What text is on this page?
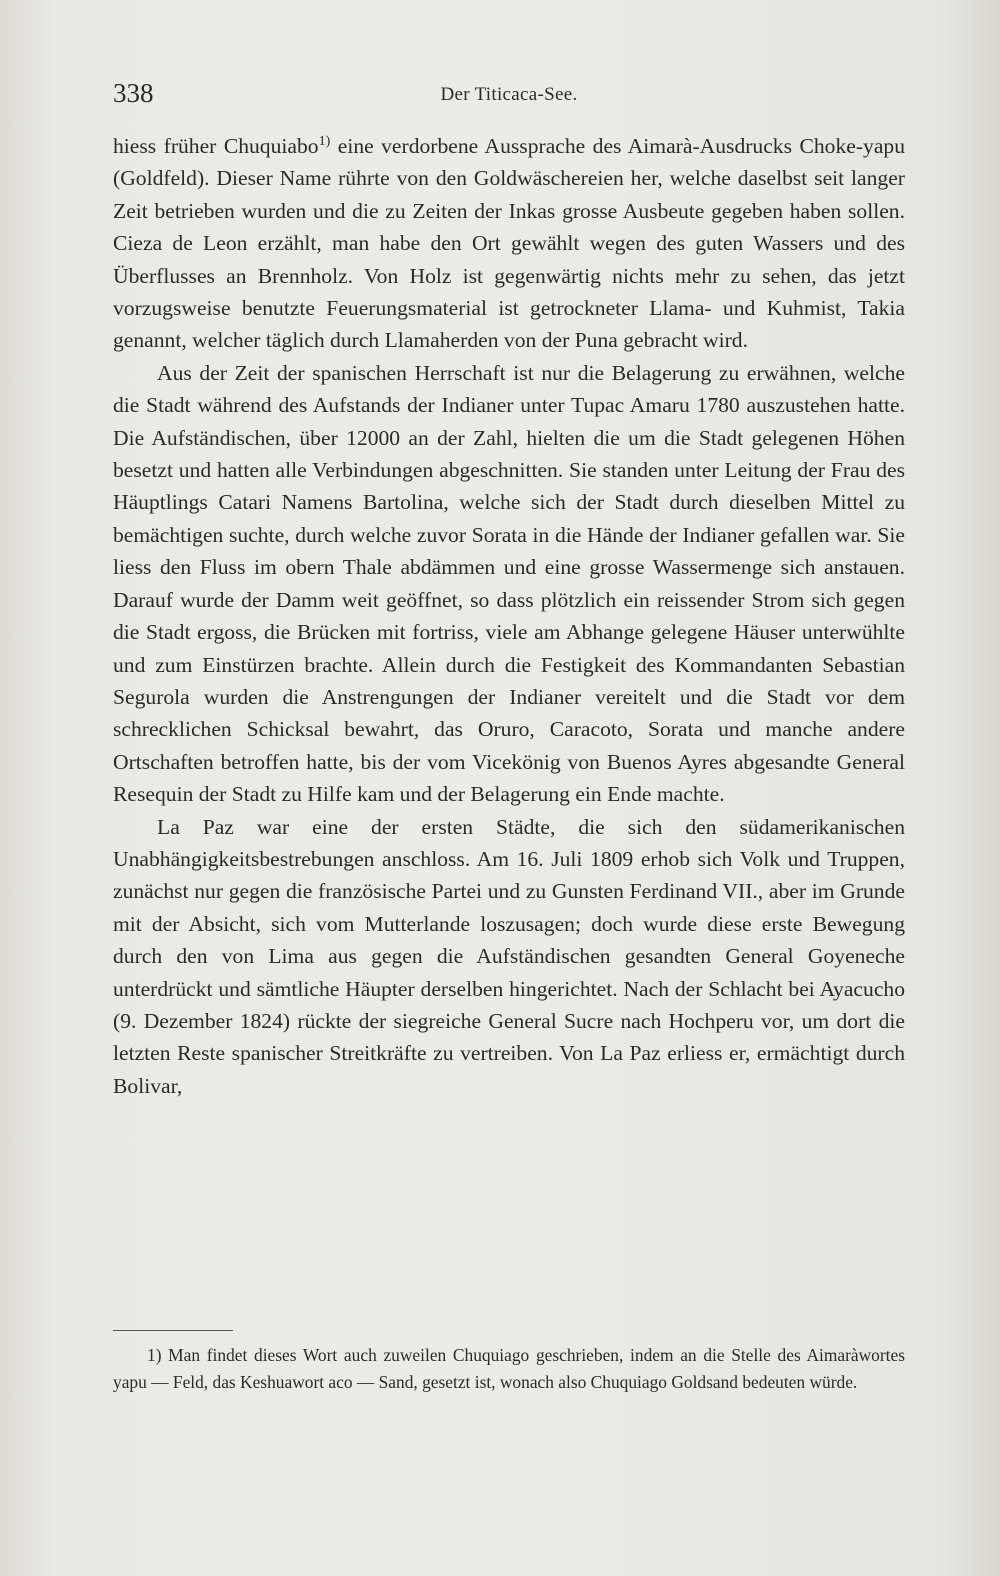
338	Der Titicaca-See.

hiess früher Chuquiabo$^{1)}$ eine verdorbene Aussprache des Aimarà-Ausdrucks Choke-yapu (Goldfeld). Dieser Name rührte von den Goldwäschereien her, welche daselbst seit langer Zeit betrieben wurden und die zu Zeiten der Inkas grosse Ausbeute gegeben haben sollen. Cieza de Leon erzählt, man habe den Ort gewählt wegen des guten Wassers und des Überflusses an Brennholz. Von Holz ist gegenwärtig nichts mehr zu sehen, das jetzt vorzugsweise benutzte Feuerungsmaterial ist getrockneter Llama- und Kuhmist, Takia genannt, welcher täglich durch Llamaherden von der Puna gebracht wird.

Aus der Zeit der spanischen Herrschaft ist nur die Belagerung zu erwähnen, welche die Stadt während des Aufstands der Indianer unter Tupac Amaru 1780 auszustehen hatte. Die Aufständischen, über 12000 an der Zahl, hielten die um die Stadt gelegenen Höhen besetzt und hatten alle Verbindungen abgeschnitten. Sie standen unter Leitung der Frau des Häuptlings Catari Namens Bartolina, welche sich der Stadt durch dieselben Mittel zu bemächtigen suchte, durch welche zuvor Sorata in die Hände der Indianer gefallen war. Sie liess den Fluss im obern Thale abdämmen und eine grosse Wassermenge sich anstauen. Darauf wurde der Damm weit geöffnet, so dass plötzlich ein reissender Strom sich gegen die Stadt ergoss, die Brücken mit fortriss, viele am Abhange gelegene Häuser unterwühlte und zum Einstürzen brachte. Allein durch die Festigkeit des Kommandanten Sebastian Segurola wurden die Anstrengungen der Indianer vereitelt und die Stadt vor dem schrecklichen Schicksal bewahrt, das Oruro, Caracoto, Sorata und manche andere Ortschaften betroffen hatte, bis der vom Vicekönig von Buenos Ayres abgesandte General Resequin der Stadt zu Hilfe kam und der Belagerung ein Ende machte.

La Paz war eine der ersten Städte, die sich den südamerikanischen Unabhängigkeitsbestrebungen anschloss. Am 16. Juli 1809 erhob sich Volk und Truppen, zunächst nur gegen die französische Partei und zu Gunsten Ferdinand VII., aber im Grunde mit der Absicht, sich vom Mutterlande loszusagen; doch wurde diese erste Bewegung durch den von Lima aus gegen die Aufständischen gesandten General Goyeneche unterdrückt und sämtliche Häupter derselben hingerichtet. Nach der Schlacht bei Ayacucho (9. Dezember 1824) rückte der siegreiche General Sucre nach Hochperu vor, um dort die letzten Reste spanischer Streitkräfte zu vertreiben. Von La Paz erliess er, ermächtigt durch Bolivar,

1) Man findet dieses Wort auch zuweilen Chuquiago geschrieben, indem an die Stelle des Aimaràwortes yapu — Feld, das Keshuawort aco — Sand, gesetzt ist, wonach also Chuquiago Goldsand bedeuten würde.
